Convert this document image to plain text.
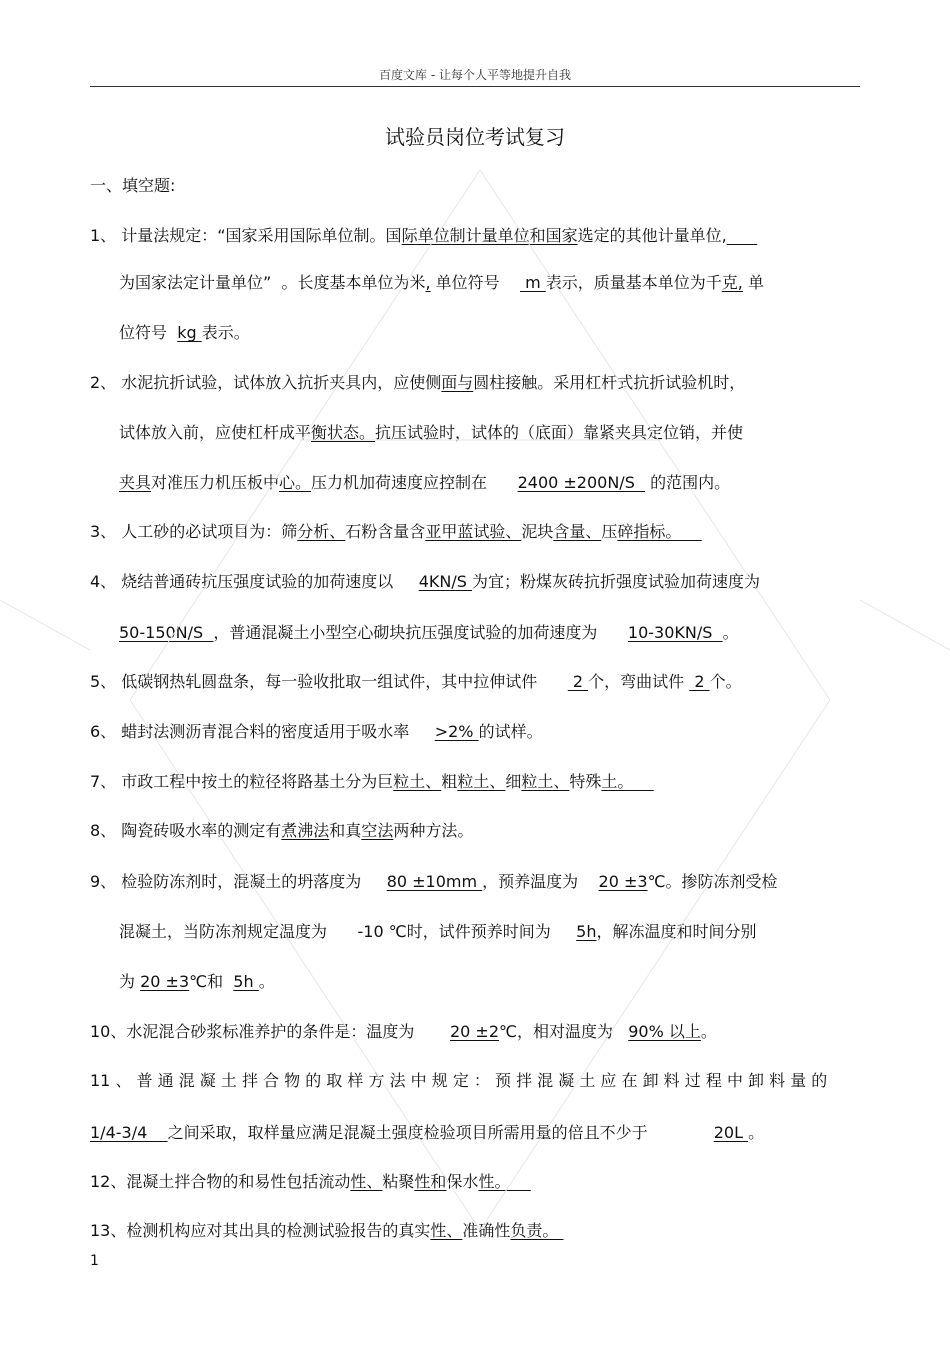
百度文库 - 让每个人平等地提升自我
试验员岗位考试复习
一、填空题:
1、 计量法规定：“国家采用国际单位制。国际单位制计量单位和国家选定的其他计量单位,
为国家法定计量单位”  。长度基本单位为米, 单位符号     m 表示，质量基本单位为千克, 单
位符号  kg 表示。
2、 水泥抗折试验，试体放入抗折夹具内，应使侧面与圆柱接触。采用杠杆式抗折试验机时，
试体放入前，应使杠杆成平衡状态。抗压试验时，试体的（底面）靠紧夹具定位销，并使
夹具对准压力机压板中心。压力机加荷速度应控制在      2400 ±200N/S   的范围内。
3、 人工砂的必试项目为：筛分析、石粉含量含亚甲蓝试验、泥块含量、压碎指标。
4、 烧结普通砖抗压强度试验的加荷速度以     4KN/S 为宜；粉煤灰砖抗折强度试验加荷速度为
50-150N/S  ，普通混凝土小型空心砌块抗压强度试验的加荷速度为      10-30KN/S  。
5、 低碳钢热轧圆盘条，每一验收批取一组试件，其中拉伸试件       2 个，弯曲试件  2 个。
6、 蜡封法测沥青混合料的密度适用于吸水率     >2% 的试样。
7、 市政工程中按土的粒径将路基土分为巨粒土、粗粒土、细粒土、特殊土。
8、 陶瓷砖吸水率的测定有煮沸法和真空法两种方法。
9、 检验防冻剂时，混凝土的坍落度为     80 ±10mm ，预养温度为    20 ±3℃。掺防冻剂受检
混凝土，当防冻剂规定温度为      -10 ℃时，试件预养时间为     5h，解冻温度和时间分别
为 20 ±3℃和  5h 。
10、水泥混合砂浆标准养护的条件是：温度为       20 ±2℃，相对温度为   90% 以上。
11 、 普 通 混 凝 土 拌 合 物 的 取 样 方 法 中 规 定 ： 预 拌 混 凝 土 应 在 卸 料 过 程 中 卸 料 量 的
1/4-3/4    之间采取，取样量应满足混凝土强度检验项目所需用量的倍且不少于             20L 。
12、混凝土拌合物的和易性包括流动性、粘聚性和保水性。
13、检测机构应对其出具的检测试验报告的真实性、准确性负责。
1
